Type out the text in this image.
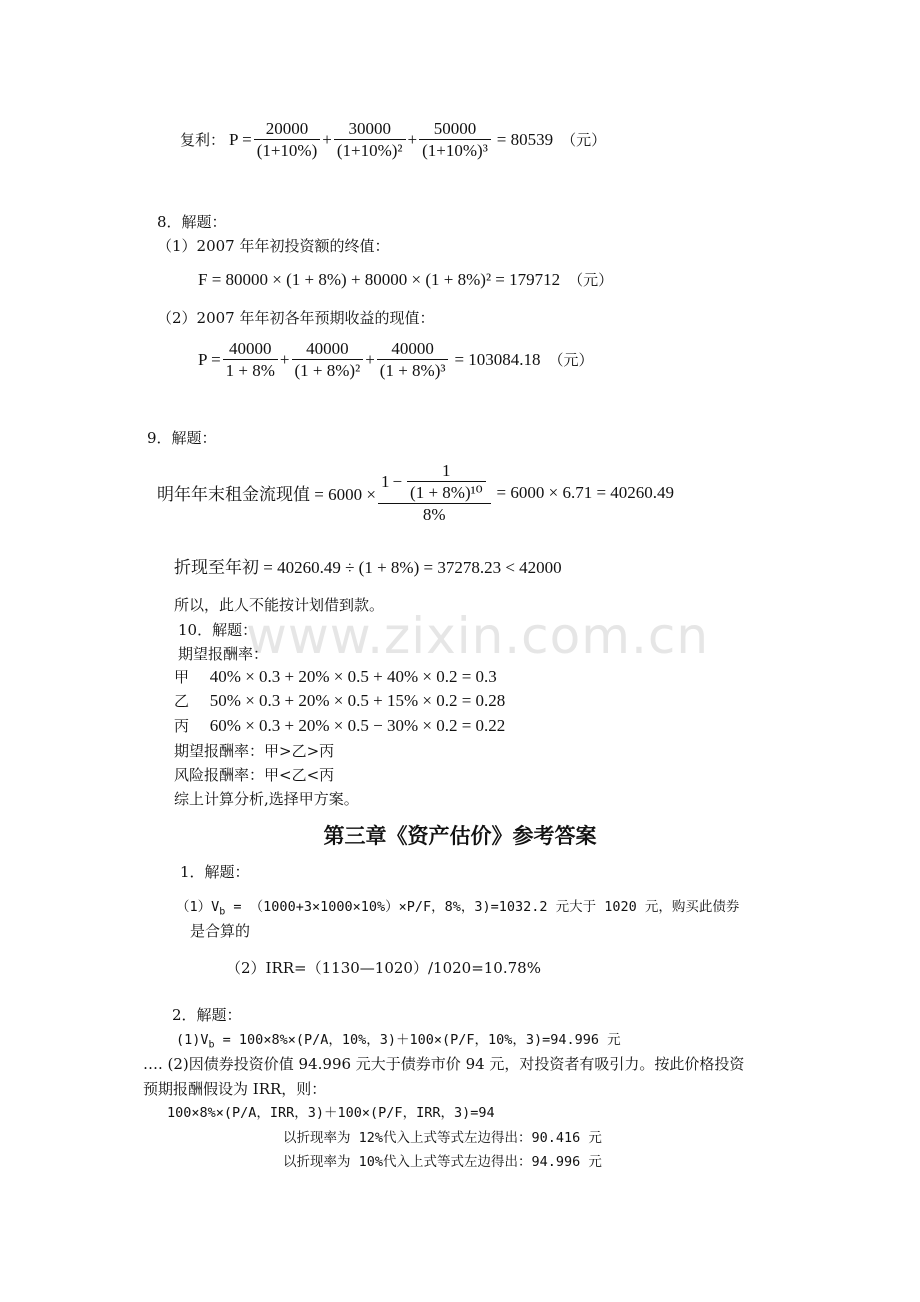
www.zixin.com.cn
复利： $P = \frac{20000}{(1+10\%)} + \frac{30000}{\text{(1+10\%)²}} + \frac{50000}{\text{(1+10\%)³}} = 80539$ （元）
8．解题：
（1）2007 年年初投资额的终值：
F = 80000 × (1 + 8%) + 80000 × (1 + 8%)² = 179712 （元）
（2）2007 年年初各年预期收益的现值：
$P = \frac{40000}{1 + 8\%} + \frac{40000}{\text{(1 + 8\%)²}} + \frac{40000}{\text{(1 + 8\%)³}} = 103084.18$ （元）
9．解题：
明年年末租金流现值 = $6000 \times \frac{1 - \frac{1}{\text{(1 + 8\%)¹⁰}}}{8\%} = 6000 \times 6.71 = 40260.49$
折现至年初 = 40260.49 ÷ (1 + 8%) = 37278.23 < 42000
所以，此人不能按计划借到款。
10．解题：
期望报酬率：
甲 40% × 0.3 + 20% × 0.5 + 40% × 0.2 = 0.3
乙 50% × 0.3 + 20% × 0.5 + 15% × 0.2 = 0.28
丙 60% × 0.3 + 20% × 0.5 − 30% × 0.2 = 0.22
期望报酬率：甲>乙>丙
风险报酬率：甲<乙<丙
综上计算分析,选择甲方案。
第三章《资产估价》参考答案
1．解题：
$(1)V_b = (1000+3\times 1000\times 10\%)\times P/F$，8%，3)=1032.2 元大于 1020 元，购买此债券
是合算的
（2）IRR=（1130—1020）/1020=10.78%
2．解题：
$(1)V_b = 100\times 8\%\times(P/A$，10%，3)＋100×(P/F，10%，3)=94.996 元
…. (2)因债券投资价值 94.996 元大于债券市价 94 元，对投资者有吸引力。按此价格投资
预期报酬假设为 IRR，则：
100×8%×(P/A，IRR，3)＋100×(P/F，IRR，3)=94
以折现率为 12%代入上式等式左边得出：90.416 元
以折现率为 10%代入上式等式左边得出：94.996 元
